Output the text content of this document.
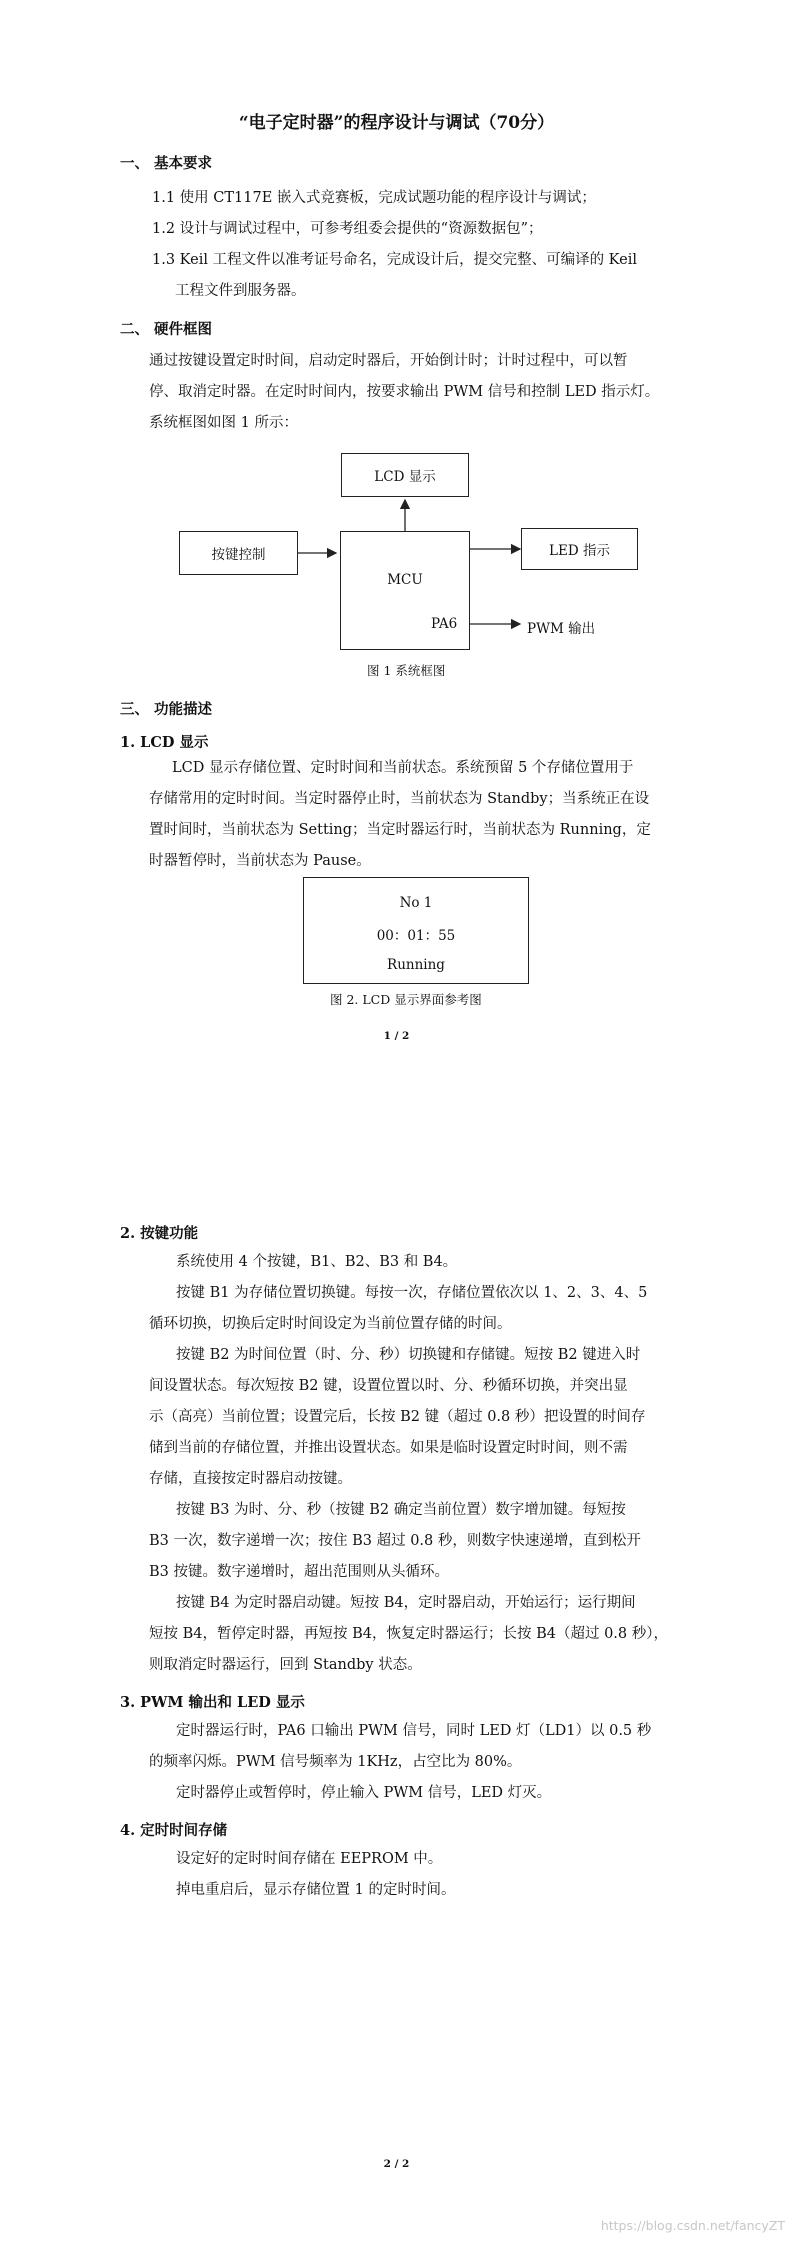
“电子定时器”的程序设计与调试（70分）
一、 基本要求
1.1 使用 CT117E 嵌入式竞赛板，完成试题功能的程序设计与调试；
1.2 设计与调试过程中，可参考组委会提供的“资源数据包”；
1.3 Keil 工程文件以准考证号命名，完成设计后，提交完整、可编译的 Keil
工程文件到服务器。
二、 硬件框图
通过按键设置定时时间，启动定时器后，开始倒计时；计时过程中，可以暂
停、取消定时器。在定时时间内，按要求输出 PWM 信号和控制 LED 指示灯。
系统框图如图 1 所示：
LCD 显示
按键控制
MCU
PA6
LED 指示
PWM 输出
图 1 系统框图
三、 功能描述
1. LCD 显示
LCD 显示存储位置、定时时间和当前状态。系统预留 5 个存储位置用于
存储常用的定时时间。当定时器停止时，当前状态为 Standby；当系统正在设
置时间时，当前状态为 Setting；当定时器运行时，当前状态为 Running，定
时器暂停时，当前状态为 Pause。
No 1
00：01：55
Running
图 2. LCD 显示界面参考图
1 / 2
2. 按键功能
系统使用 4 个按键，B1、B2、B3 和 B4。
按键 B1 为存储位置切换键。每按一次，存储位置依次以 1、2、3、4、5
循环切换，切换后定时时间设定为当前位置存储的时间。
按键 B2 为时间位置（时、分、秒）切换键和存储键。短按 B2 键进入时
间设置状态。每次短按 B2 键，设置位置以时、分、秒循环切换，并突出显
示（高亮）当前位置；设置完后，长按 B2 键（超过 0.8 秒）把设置的时间存
储到当前的存储位置，并推出设置状态。如果是临时设置定时时间，则不需
存储，直接按定时器启动按键。
按键 B3 为时、分、秒（按键 B2 确定当前位置）数字增加键。每短按
B3 一次，数字递增一次；按住 B3 超过 0.8 秒，则数字快速递增，直到松开
B3 按键。数字递增时，超出范围则从头循环。
按键 B4 为定时器启动键。短按 B4，定时器启动，开始运行；运行期间
短按 B4，暂停定时器，再短按 B4，恢复定时器运行；长按 B4（超过 0.8 秒），
则取消定时器运行，回到 Standby 状态。
3. PWM 输出和 LED 显示
定时器运行时，PA6 口输出 PWM 信号，同时 LED 灯（LD1）以 0.5 秒
的频率闪烁。PWM 信号频率为 1KHz，占空比为 80%。
定时器停止或暂停时，停止输入 PWM 信号，LED 灯灭。
4. 定时时间存储
设定好的定时时间存储在 EEPROM 中。
掉电重启后，显示存储位置 1 的定时时间。
2 / 2
https://blog.csdn.net/fancyZT
